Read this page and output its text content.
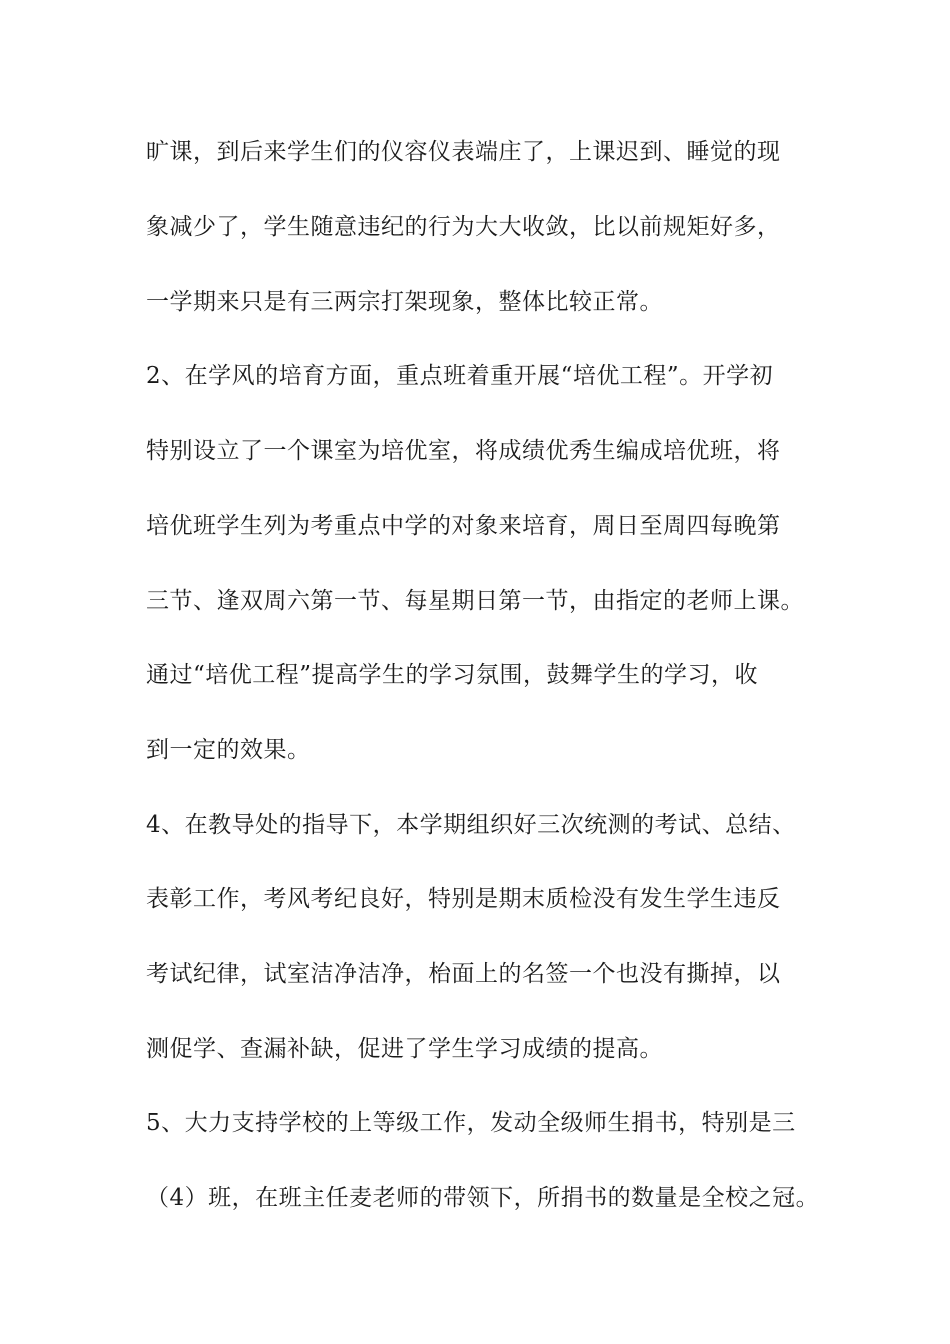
旷课，到后来学生们的仪容仪表端庄了，上课迟到、睡觉的现
象减少了，学生随意违纪的行为大大收敛，比以前规矩好多，
一学期来只是有三两宗打架现象，整体比较正常。
2、在学风的培育方面，重点班着重开展“培优工程”。开学初
特别设立了一个课室为培优室，将成绩优秀生编成培优班，将
培优班学生列为考重点中学的对象来培育，周日至周四每晚第
三节、逢双周六第一节、每星期日第一节，由指定的老师上课。
通过“培优工程”提高学生的学习氛围，鼓舞学生的学习，收
到一定的效果。
4、在教导处的指导下，本学期组织好三次统测的考试、总结、
表彰工作，考风考纪良好，特别是期末质检没有发生学生违反
考试纪律，试室洁净洁净，枱面上的名签一个也没有撕掉，以
测促学、查漏补缺，促进了学生学习成绩的提高。
5、大力支持学校的上等级工作，发动全级师生捐书，特别是三
（4）班，在班主任麦老师的带领下，所捐书的数量是全校之冠。
